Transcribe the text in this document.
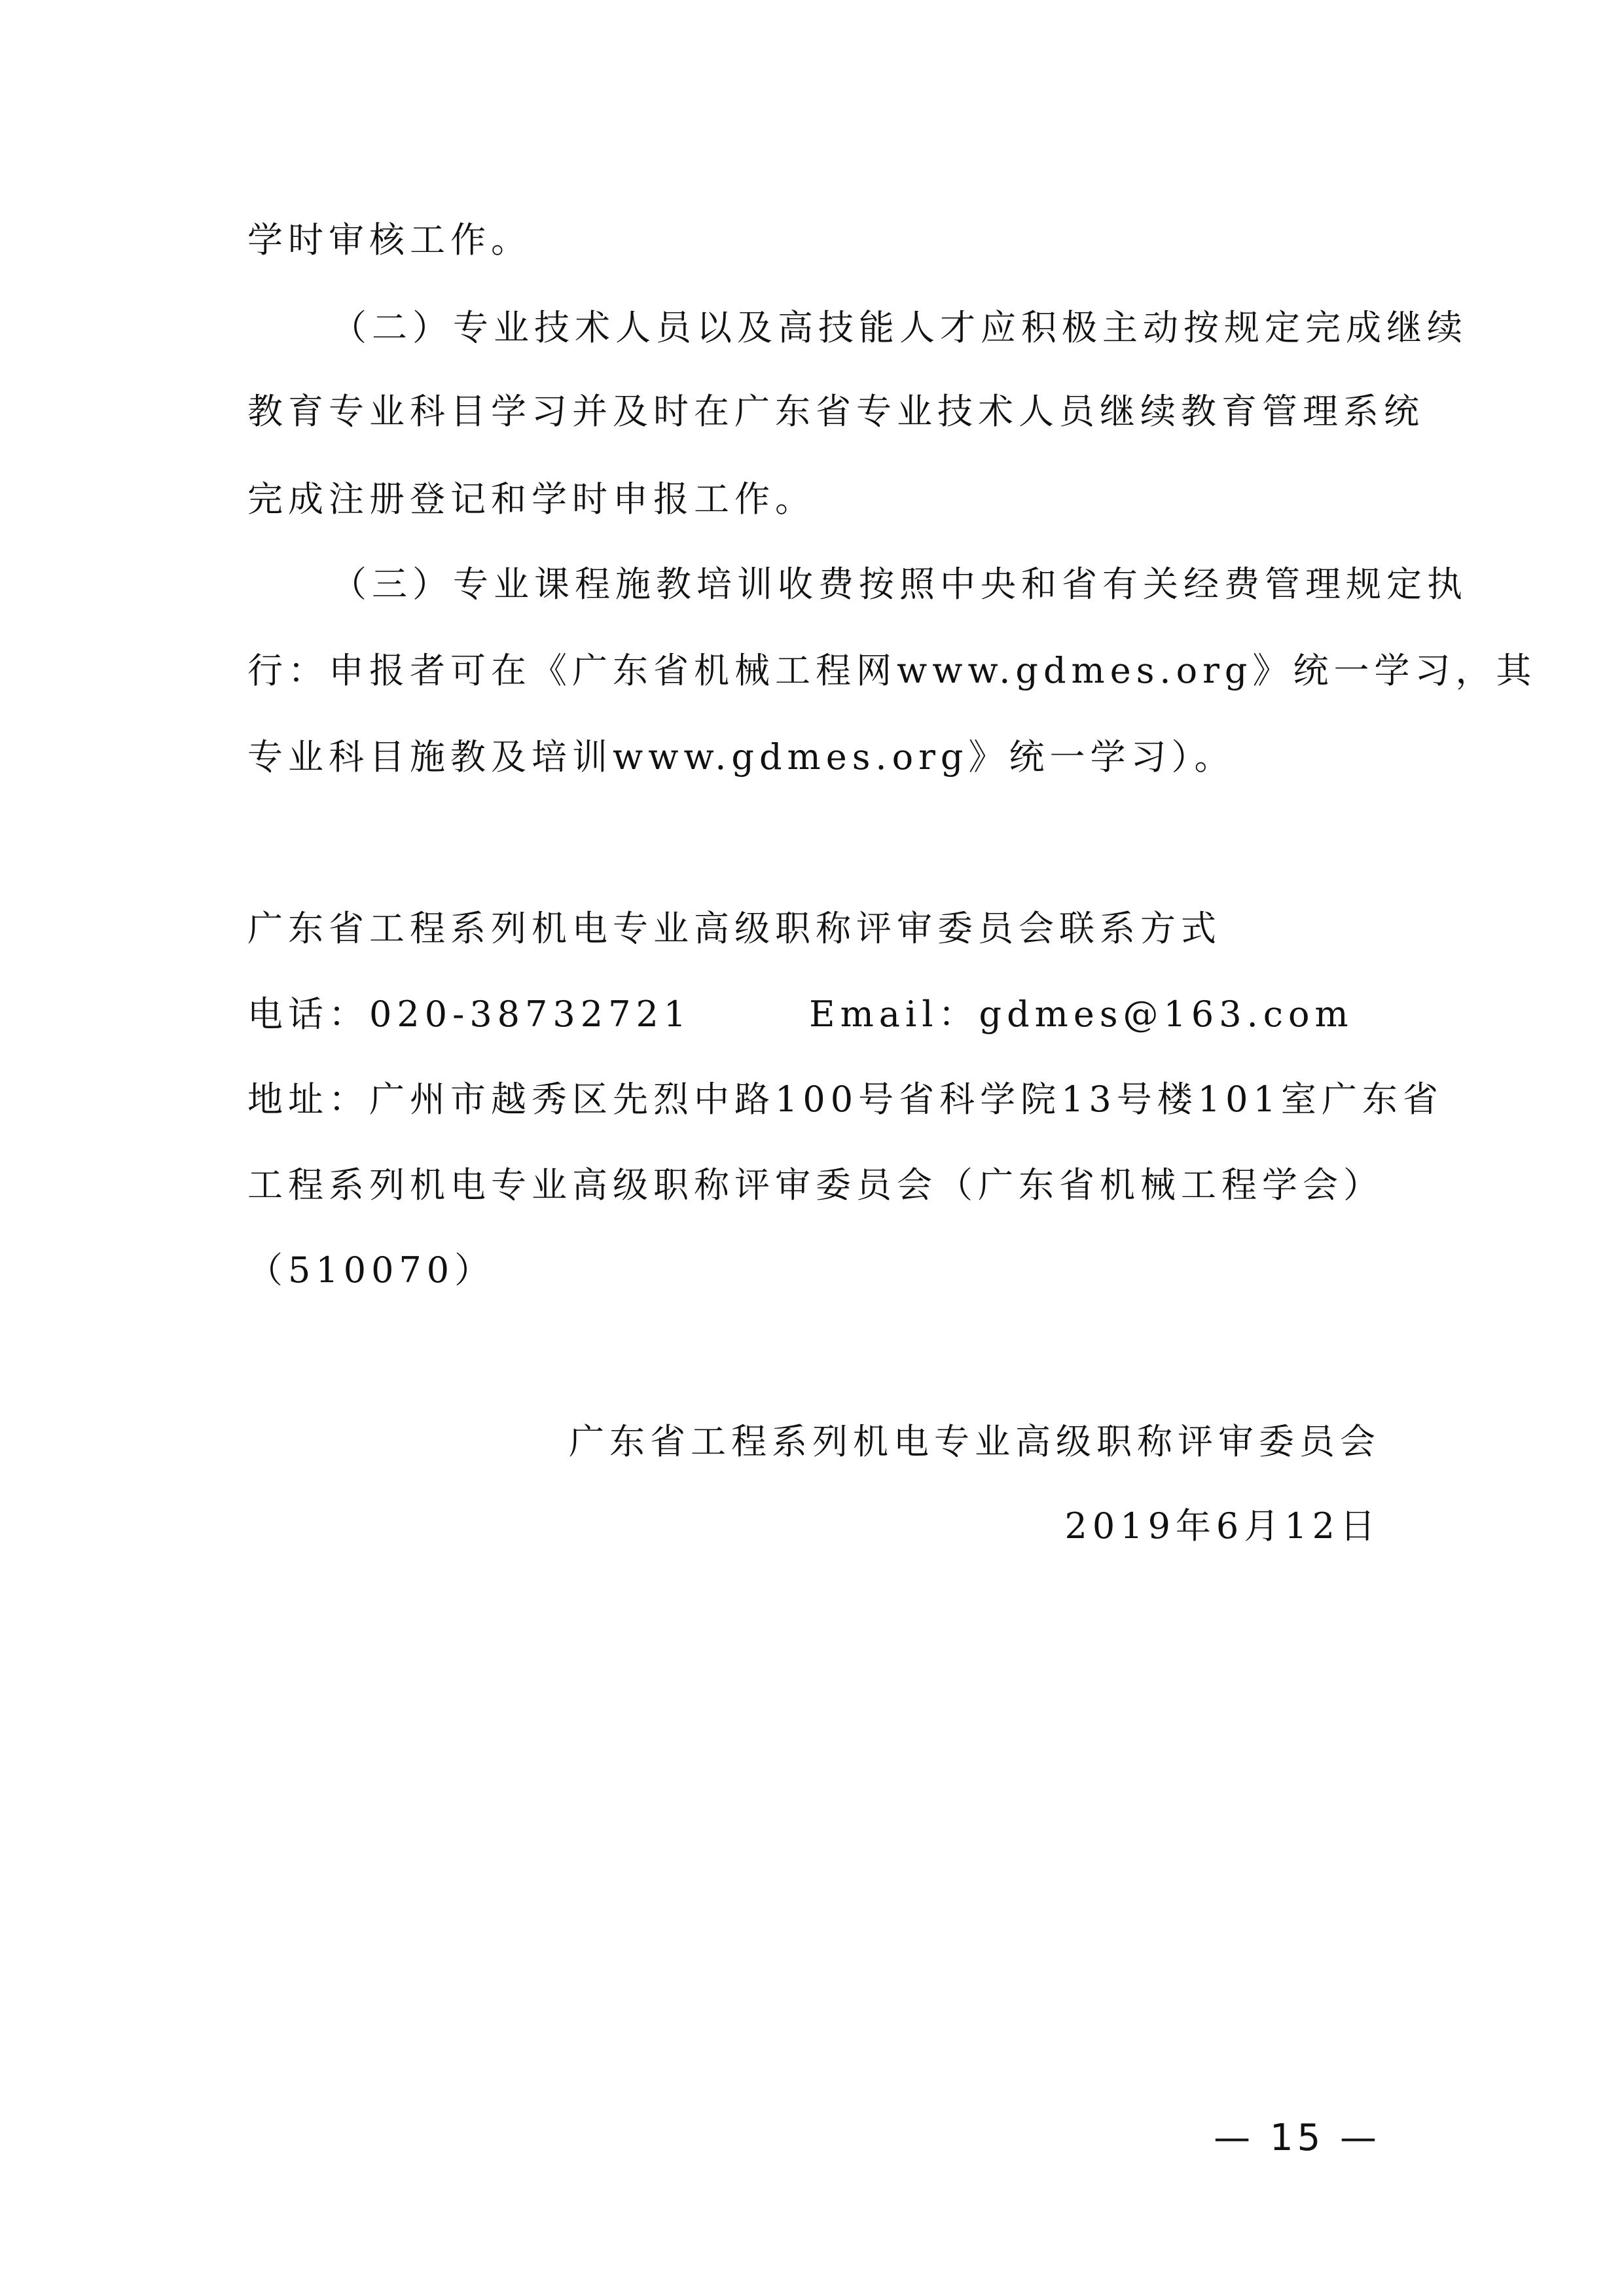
学时审核工作。
（二）专业技术人员以及高技能人才应积极主动按规定完成继续
教育专业科目学习并及时在广东省专业技术人员继续教育管理系统
完成注册登记和学时申报工作。
（三）专业课程施教培训收费按照中央和省有关经费管理规定执
行：申报者可在《广东省机械工程网www.gdmes.org》统一学习，其
专业科目施教及培训www.gdmes.org》统一学习）。
广东省工程系列机电专业高级职称评审委员会联系方式
电话：020-38732721	Email：gdmes@163.com
地址：广州市越秀区先烈中路100号省科学院13号楼101室广东省
工程系列机电专业高级职称评审委员会（广东省机械工程学会）
（510070）
广东省工程系列机电专业高级职称评审委员会
2019年6月12日
— 15 —
